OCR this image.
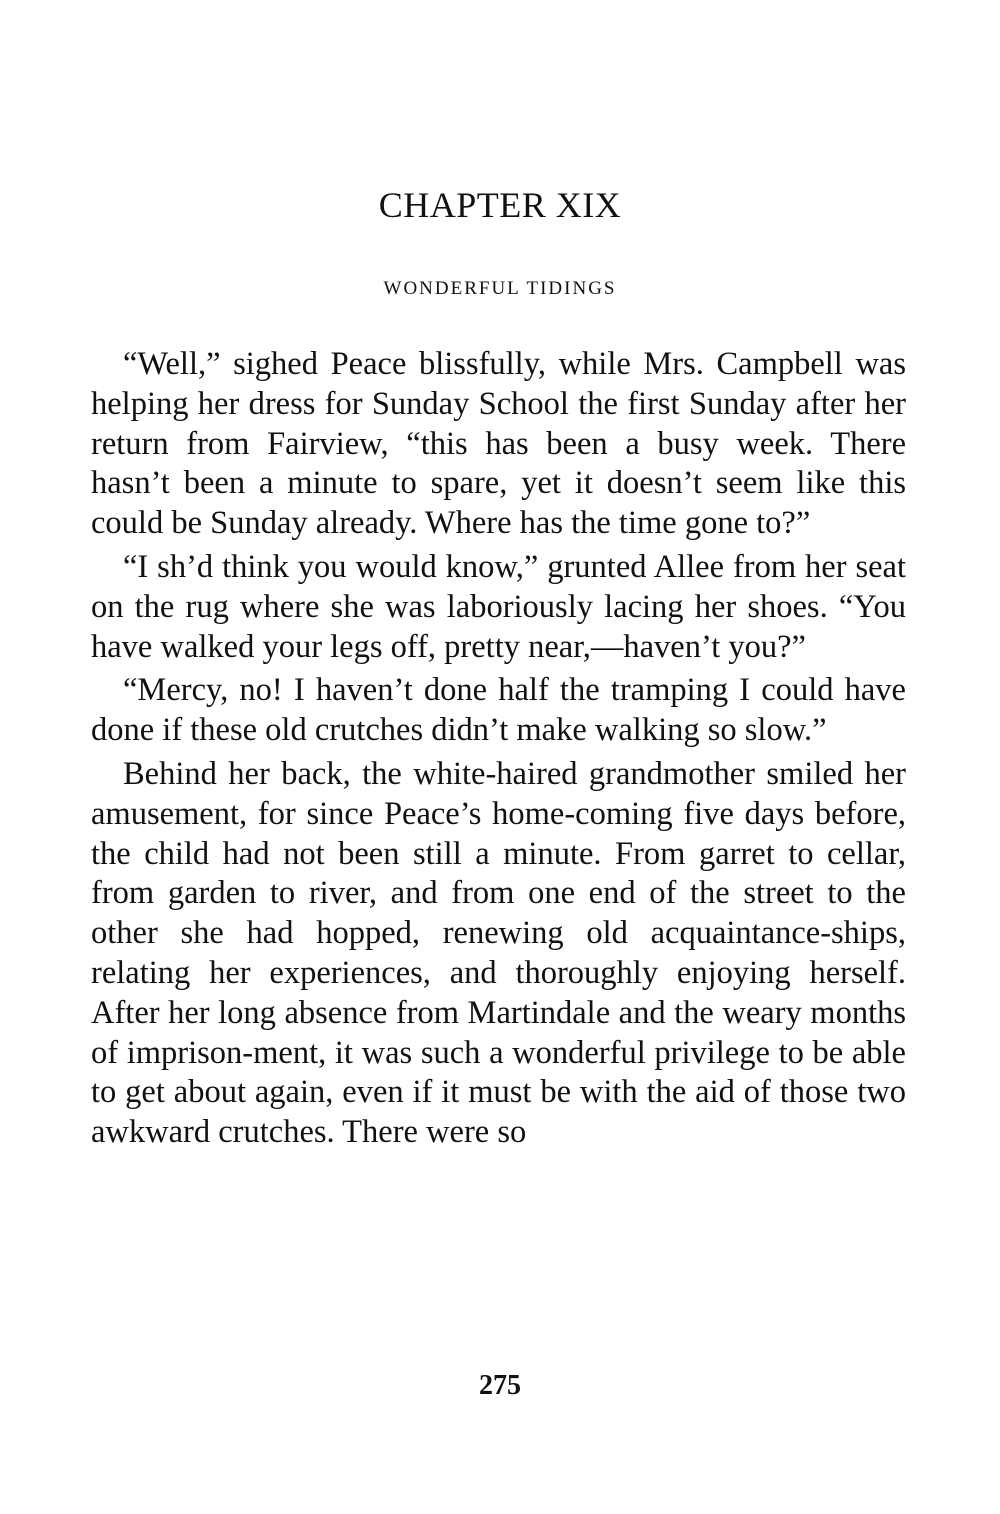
CHAPTER XIX
WONDERFUL TIDINGS

“Well,” sighed Peace blissfully, while Mrs. Campbell was helping her dress for Sunday School the first Sunday after her return from Fairview, “this has been a busy week. There hasn’t been a minute to spare, yet it doesn’t seem like this could be Sunday already. Where has the time gone to?”

“I sh’d think you would know,” grunted Allee from her seat on the rug where she was laboriously lacing her shoes. “You have walked your legs off, pretty near,—haven’t you?”

“Mercy, no! I haven’t done half the tramping I could have done if these old crutches didn’t make walking so slow.”

Behind her back, the white-haired grandmother smiled her amusement, for since Peace’s home-coming five days before, the child had not been still a minute. From garret to cellar, from garden to river, and from one end of the street to the other she had hopped, renewing old acquaintance-ships, relating her experiences, and thoroughly enjoying herself. After her long absence from Martindale and the weary months of imprison-ment, it was such a wonderful privilege to be able to get about again, even if it must be with the aid of those two awkward crutches. There were so

275
